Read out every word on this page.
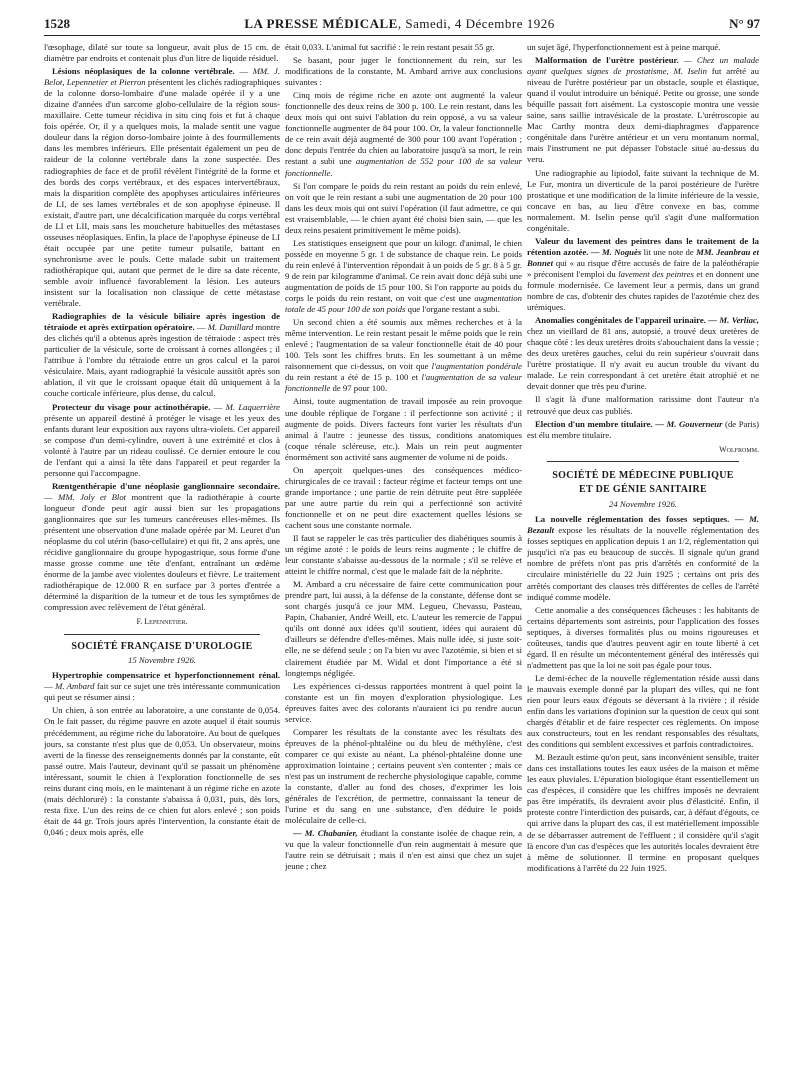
1528	LA PRESSE MÉDICALE, Samedi, 4 Décembre 1926	N° 97

l'œsophage, dilaté sur toute sa longueur, avait plus de 15 cm. de diamètre par endroits et contenait plus d'un litre de liquide résiduel.

Lésions néoplasiques de la colonne vertébrale. — MM. J. Belot, Lepennetier et Pierron présentent les clichés radiographiques de la colonne dorso-lombaire d'une malade opérée il y a une dizaine d'années d'un sarcome globo-cellulaire de la région sous-maxillaire. Cette tumeur récidiva in situ cinq fois et fut à chaque fois opérée. Or, il y a quelques mois, la malade sentit une vague douleur dans la région dorso-lombaire jointe à des fourmillements dans les membres inférieurs. Elle présentait également un peu de raideur de la colonne vertébrale dans la zone suspectée. Des radiographies de face et de profil révèlent l'intégrité de la forme et des bords des corps vertébraux, et des espaces intervertébraux, mais la disparition complète des apophyses articulaires inférieures de LI, de ses lames vertébrales et de son apophyse épineuse. Il existait, d'autre part, une décalcification marquée du corps vertébral de LI et LII, mais sans les moucheture habituelles des métastases osseuses néoplasiques. Enfin, la place de l'apophyse épineuse de LI était occupée par une petite tumeur pulsatile, battant en synchronisme avec le pouls. Cette malade subit un traitement radiothérapique qui, autant que permet de le dire sa date récente, semble avoir influencé favorablement la lésion. Les auteurs insistent sur la localisation non classique de cette métastase vertébrale.

Radiographies de la vésicule biliaire après ingestion de tétraiode et après extirpation opératoire. — M. Danillard montre des clichés qu'il a obtenus après ingestion de tétraiode : aspect très particulier de la vésicule, sorte de croissant à cornes allongées ; il l'attribue à l'ombre du tétraiode entre un gros calcul et la paroi vésiculaire. Mais, ayant radiographié la vésicule aussitôt après son ablation, il vit que le croissant opaque était dû uniquement à la couche corticale inférieure, plus dense, du calcul.

Protecteur du visage pour actinothérapie. — M. Laquerrière présente un appareil destiné à protéger le visage et les yeux des enfants durant leur exposition aux rayons ultra-violets. Cet appareil se compose d'un demi-cylindre, ouvert à une extrémité et clos à volonté à l'autre par un rideau coulissé. Ce dernier entoure le cou de l'enfant qui a ainsi la tête dans l'appareil et peut regarder la personne qui l'accompagne.

Rœntgenthérapie d'une néoplasie ganglionnaire secondaire. — MM. Joly et Blot montrent que la radiothérapie à courte longueur d'onde peut agir aussi bien sur les propagations ganglionnaires que sur les tumeurs cancéreuses elles-mêmes. Ils présentent une observation d'une malade opérée par M. Leuret d'un néoplasme du col utérin (baso-cellulaire) et qui fit, 2 ans après, une récidive ganglionnaire du groupe hypogastrique, sous forme d'une masse grosse comme une tête d'enfant, entraînant un œdème énorme de la jambe avec violentes douleurs et fièvre. Le traitement radiothérapique de 12.000 R en surface par 3 portes d'entrée a déterminé la disparition de la tumeur et de tous les symptômes de compression avec relèvement de l'état général.

F. Lepennetier.
SOCIÉTÉ FRANÇAISE D'UROLOGIE
15 Novembre 1926.

Hypertrophie compensatrice et hyperfonctionnement rénal. — M. Ambard fait sur ce sujet une très intéressante communication qui peut se résumer ainsi :

Un chien, à son entrée au laboratoire, a une constante de 0,054. On le fait passer, du régime pauvre en azote auquel il était soumis précédemment, au régime riche du laboratoire. Au bout de quelques jours, sa constante n'est plus que de 0,053. Un observateur, moins averti de la finesse des renseignements donnés par la constante, eût passé outre. Mais l'auteur, devinant qu'il se passait un phénomène intéressant, soumit le chien à l'exploration fonctionnelle de ses reins durant cinq mois, en le maintenant à un régime riche en azote (mais déchloruré) : la constante s'abaissa à 0,031, puis, dès lors, resta fixe. L'un des reins de ce chien fut alors enlevé ; son poids était de 44 gr. Trois jours après l'intervention, la constante était de 0,046 ; deux mois après, elle

était 0,033. L'animal fut sacrifié : le rein restant pesait 55 gr.

Se basant, pour juger le fonctionnement du rein, sur les modifications de la constante, M. Ambard arrive aux conclusions suivantes :

Cinq mois de régime riche en azote ont augmenté la valeur fonctionnelle des deux reins de 300 p. 100. Le rein restant, dans les deux mois qui ont suivi l'ablation du rein opposé, a vu sa valeur fonctionnelle augmenter de 84 pour 100. Or, la valeur fonctionnelle de ce rein avait déjà augmenté de 300 pour 100 avant l'opération ; donc depuis l'entrée du chien au laboratoire jusqu'à sa mort, le rein restant a subi une augmentation de 552 pour 100 de sa valeur fonctionnelle.

Si l'on compare le poids du rein restant au poids du rein enlevé, on voit que le rein restant a subi une augmentation de 20 pour 100 dans les deux mois qui ont suivi l'opération (il faut admettre, ce qui est vraisemblable, — le chien ayant été choisi bien sain, — que les deux reins pesaient primitivement le même poids).

Les statistiques enseignent que pour un kilogr. d'animal, le chien possède en moyenne 5 gr. 1 de substance de chaque rein. Le poids du rein enlevé à l'intervention répondait à un poids de 5 gr. 8 à 5 gr. 9 de rein par kilogramme d'animal. Ce rein avait donc déjà subi une augmentation de poids de 15 pour 100. Si l'on rapporte au poids du corps le poids du rein restant, on voit que c'est une augmentation totale de 45 pour 100 de son poids que l'organe restant a subi.

Un second chien a été soumis aux mêmes recherches et à la même intervention. Le rein restant pesait le même poids que le rein enlevé ; l'augmentation de sa valeur fonctionnelle était de 40 pour 100. Tels sont les chiffres bruts. En les soumettant à un même raisonnement que ci-dessus, on voit que l'augmentation pondérale du rein restant a été de 15 p. 100 et l'augmentation de sa valeur fonctionnelle de 97 pour 100.

Ainsi, toute augmentation de travail imposée au rein provoque une double réplique de l'organe : il perfectionne son activité ; il augmente de poids. Divers facteurs font varier les résultats d'un animal à l'autre : jeunesse des tissus, conditions anatomiques (coque rénale scléreuse, etc.). Mais un rein peut augmenter énormément son activité sans augmenter de volume ni de poids.

On aperçoit quelques-unes des conséquences médico-chirurgicales de ce travail : facteur régime et facteur temps ont une grande importance ; une partie de rein détruite peut être suppléée par une autre partie du rein qui a perfectionné son activité fonctionnelle et on ne peut dire exactement quelles lésions se cachent sous une constante normale.

Il faut se rappeler le cas très particulier des diabétiques soumis à un régime azoté : le poids de leurs reins augmente ; le chiffre de leur constante s'abaisse au-dessous de la normale ; s'il se relève et atteint le chiffre normal, c'est que le malade fait de la néphrite.

M. Ambard a cru nécessaire de faire cette communication pour prendre part, lui aussi, à la défense de la constante, défense dont se sont chargés jusqu'à ce jour MM. Legueu, Chevassu, Pasteau, Papin, Chabanier, André Weill, etc. L'auteur les remercie de l'appui qu'ils ont donné aux idées qu'il soutient, idées qui auraient dû d'ailleurs se défendre d'elles-mêmes. Mais nulle idée, si juste soit-elle, ne se défend seule ; on l'a bien vu avec l'azotémie, si bien et si clairement étudiée par M. Widal et dont l'importance a été si longtemps négligée.

Les expériences ci-dessus rapportées montrent à quel point la constante est un fin moyen d'exploration physiologique. Les épreuves faites avec des colorants n'auraient ici pu rendre aucun service.

Comparer les résultats de la constante avec les résultats des épreuves de la phénol-phtaléine ou du bleu de méthylène, c'est comparer ce qui existe au néant. La phénol-phtaléine donne une approximation lointaine ; certains peuvent s'en contenter ; mais ce n'est pas un instrument de recherche physiologique capable, comme la constante, d'aller au fond des choses, d'exprimer les lois générales de l'excrétion, de permettre, connaissant la teneur de l'urine et du sang en une substance, d'en déduire le poids moléculaire de celle-ci.

— M. Chabanier, étudiant la constante isolée de chaque rein, a vu que la valeur fonctionnelle d'un rein augmentait à mesure que l'autre rein se détruisait ; mais il n'en est ainsi que chez un sujet jeune ; chez

un sujet âgé, l'hyperfonctionnement est à peine marqué.

Malformation de l'urètre postérieur. — Chez un malade ayant quelques signes de prostatisme, M. Iselin fut arrêté au niveau de l'urètre postérieur par un obstacle, souple et élastique, quand il voulut introduire un béniqué. Petite ou grosse, une sonde béquille passait fort aisément. La cystoscopie montra une vessie saine, sans saillie intravésicale de la prostate. L'urétroscopie au Mac Carthy montra deux demi-diaphragmes d'apparence congénitale dans l'urètre antérieur et un veru montanum normal, mais l'instrument ne put dépasser l'obstacle situé au-dessus du veru.

Une radiographie au lipiodol, faite suivant la technique de M. Le Fur, montra un diverticule de la paroi postérieure de l'urètre prostatique et une modification de la limite inférieure de la vessie, concave en bas, au lieu d'être convexe en bas, comme normalement. M. Iselin pense qu'il s'agit d'une malformation congénitale.

Valeur du lavement des peintres dans le traitement de la rétention azotée. — M. Noguès lit une note de MM. Jeanbrau et Bonnet qui « au risque d'être accusés de faire de la paléothérapie » préconisent l'emploi du lavement des peintres et en donnent une formule modernisée. Ce lavement leur a permis, dans un grand nombre de cas, d'obtenir des chutes rapides de l'azotémie chez des urémiques.

Anomalies congénitales de l'appareil urinaire. — M. Verliac, chez un vieillard de 81 ans, autopsié, a trouvé deux uretères de chaque côté : les deux uretères droits s'abouchaient dans la vessie ; des deux uretères gauches, celui du rein supérieur s'ouvrait dans l'urètre prostatique. Il n'y avait eu aucun trouble du vivant du malade. Le rein correspondant à cet uretère était atrophié et ne devait donner que très peu d'urine.

Il s'agit là d'une malformation rarissime dont l'auteur n'a retrouvé que deux cas publiés.

Election d'un membre titulaire. — M. Gouverneur (de Paris) est élu membre titulaire.

Wolfromm.
SOCIÉTÉ DE MÉDECINE PUBLIQUE
ET DE GÉNIE SANITAIRE
24 Novembre 1926.

La nouvelle réglementation des fosses septiques. — M. Bezault expose les résultats de la nouvelle réglementation des fosses septiques en application depuis 1 an 1/2, réglementation qui jusqu'ici n'a pas eu beaucoup de succès. Il signale qu'un grand nombre de préfets n'ont pas pris d'arrêtés en conformité de la circulaire ministérielle du 22 Juin 1925 ; certains ont pris des arrêtés comportant des clauses très différentes de celles de l'arrêté indiqué comme modèle.

Cette anomalie a des conséquences fâcheuses : les habitants de certains départements sont astreints, pour l'application des fosses septiques, à diverses formalités plus ou moins rigoureuses et coûteuses, tandis que d'autres peuvent agir en toute liberté à cet égard. Il en résulte un mécontentement général des intéressés qui n'admettent pas que la loi ne soit pas égale pour tous.

Le demi-échec de la nouvelle réglementation réside aussi dans le mauvais exemple donné par la plupart des villes, qui ne font rien pour leurs eaux d'égouts se déversant à la rivière ; il réside enfin dans les variations d'opinion sur la question de ceux qui sont chargés d'établir et de faire respecter ces règlements. On impose aux constructeurs, tout en les rendant responsables des résultats, des conditions qui semblent excessives et parfois contradictoires.

M. Bezault estime qu'on peut, sans inconvénient sensible, traiter dans ces installations toutes les eaux usées de la maison et même les eaux pluviales. L'épuration biologique étant essentiellement un cas d'espèces, il considère que les chiffres imposés ne devraient pas être impératifs, ils devraient avoir plus d'élasticité. Enfin, il proteste contre l'interdiction des puisards, car, à défaut d'égouts, ce qui arrive dans la plupart des cas, il est matériellement impossible de se débarrasser autrement de l'effluent ; il considère qu'il s'agit là encore d'un cas d'espèces que les autorités locales devraient être à même de solutionner. Il termine en proposant quelques modifications à l'arrêté du 22 Juin 1925.
